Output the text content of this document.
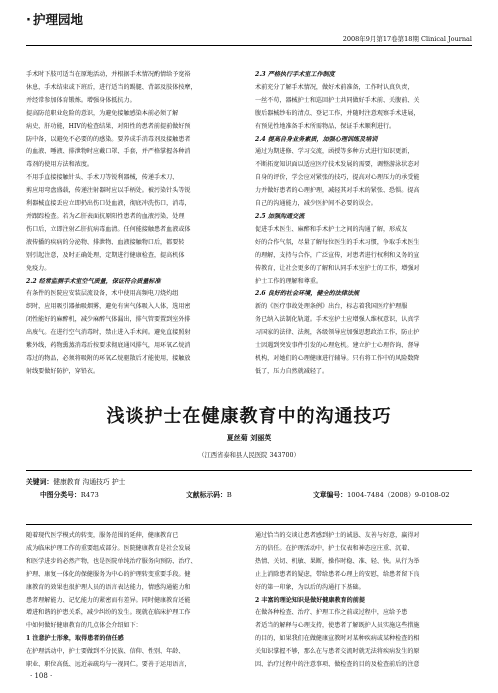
· 护理园地
2008年9月第17卷第18期 Clinical Journal

手术时下肢可适当在原地活动，并根据手术情况酌情给予宽裕

休息，手术结束或下班后，进行适当的踢腿、背部及肢体按摩，

并经常参加体育锻炼。增强身体抵抗力。

提高防范职业危险的意识，为避免接触感染本前必须了解

病史，肝功能，HIV的检查结果，对阳性的患者前提前做好预

防中备，以避免不必要的的感染。要养成手消毒剂及接触患者

的血液、唾液、排泄物时应戴口罩、手套，并严格掌握各种消

毒剂的使用方法和浓度。

不用手直接接触针头、手术刀等锐利器械，传递手术刀、

剪应用弯盘盛载，传递注射器时应以手柄处。被污染针头等锐

利器械直接丢应立即扔出伤口处血液，彻底冲洗伤口，消毒，

并跟踪检查。若为乙肝表面抗原阳性患者的血液污染，处理

伤口后，立即注射乙肝抗病毒血清。任何能接触患者血液或体

液传播的疾病的分泌物、排泄物、血液接触物口后，都要转

别引起注意，及时正确处理，定期进行健康检查，提高机体

免疫力。

2.2 经常监测手术室空气质量，保证符合质量标准

有条件的医院应安装层流设备，术中使用高频电刀烧灼组

织时，应用吸引器抽吸烟雾，避免有害气体吸入人体，选用密

闭性能好的麻醉机，减少麻醉气体漏出，排气管要置到室外排

出废气。在进行空气消毒时，禁止进入手术间。避免直接照射

紫外线，药物熏蒸消毒后按要求彻底通风排气，用环氧乙烷消

毒过的物品，必须将吸附的环氧乙烷驱散后才能使用，接触放

射线要做好防护，穿铅衣。

2.3 严格执行手术室工作制度

术前充分了解手术情况，做好术前准备，工作时认真负责，

一丝不苟，器械护士和巡回护士共同做好手术前、关腹前、关

腹后器械纱布的清点、登记工作，并随时注意观察手术进展，

有预见性地准备手术所需物品，保证手术顺利进行。

2.4 提高自身业务素质，加强心理训练及培训

通过为期进修、学习交流，函授等多种方式进行知识更新，

不断拓宽知识面以适应医疗技术发展的需要，调整游泳状态对

自身的评价，学会应对紧张的技巧，提高对心理压力的承受能

力并做好患者的心理护理，减轻其对手术的紧张、恐惧。提高

自己的沟通能力，减少医护间不必要的误会。

2.5 加强沟通交流

促进手术医生、麻醉和手术护士之间的沟通了解，形成友

好的合作气氛，尽量了解每位医生的手术习惯，争取手术医生

的理解，支持与合作，广泛宣传，对患者进行权利和义务的宣

传教育，让社会更多的了解和认同手术室护士的工作，增强对

护士工作的理解和尊重。

2.6 良好的社会环境，健全的法律法规

新的《医疗事故处理条例》出台，标志着我国医疗护理服

务已纳入法制化轨道。手术室护士应增强人维权意识，认真学

习国家的法律、法规，各级领导应加强思想政治工作，防止护

士因遇到突发事件引发的心理危机。建立护士心理咨询、督导

机构，对她们的心理健康进行辅导。只有将工作中的风险数降

低了，压力自然就减轻了。

浅谈护士在健康教育中的沟通技巧
夏丝菊 刘丽英
（江西省泰和县人民医院 343700）
关键词：健康教育 沟通技巧 护士
中图分类号：R473	文献标示码：B	文章编号：1004-7484（2008）9-0108-02

随着现代医学模式的转变，服务范围的延伸，健康教育已

成为临床护理工作的重要组成部分。医院健康教育是社会发展

和医学进步的必然产物，也是医院单纯治疗服务向预防、治疗、

护理、康复一体化的保健服务为中心的护理转变重要手段。健

康教育的效果也很护理人员的语言表达能力，情感沟通能力和

患者理解能力、记忆能力的紧密而有差异。同时健康教育还能

增进和谐的护患关系，减少纠纷的发生。现就在临床护理工作

中如何做好健康教育的几点体会介绍如下：

1 注意护士形象，取得患者的信任感

在护理活动中，护士要做到不分民族、信仰、性别、年龄、

职业、职位高低、远近亲疏均与一视同仁。要善于运用语言，

通过恰当的交谈让患者感到护士的诚恳、友善与好意，赢得对

方的信任。在护理活动中，护士仪表和神态应庄重、沉着、

热情、关切、机敏、果断，操作时稳、准、轻、快。从行为举

止上消除患者的疑虑，带给患者心理上的安慰，给患者留下良

好的第一印象，为以后的沟通打下基础。

2 丰富的理论知识是做好健康教育的前提

在做各种检查、治疗、护理工作之前或过程中，应给予患

者适当的解释与心理支持，使患者了解既护人员实施这些措施

的目的，如果我们在做健康宣教时对某种疾病或某种检查的相

关知识掌握不够，那么在与患者交流时就无法将疾病发生的原

因、治疗过程中的注意事项、做检查的目的及检查前后的注意

· 108 ·
